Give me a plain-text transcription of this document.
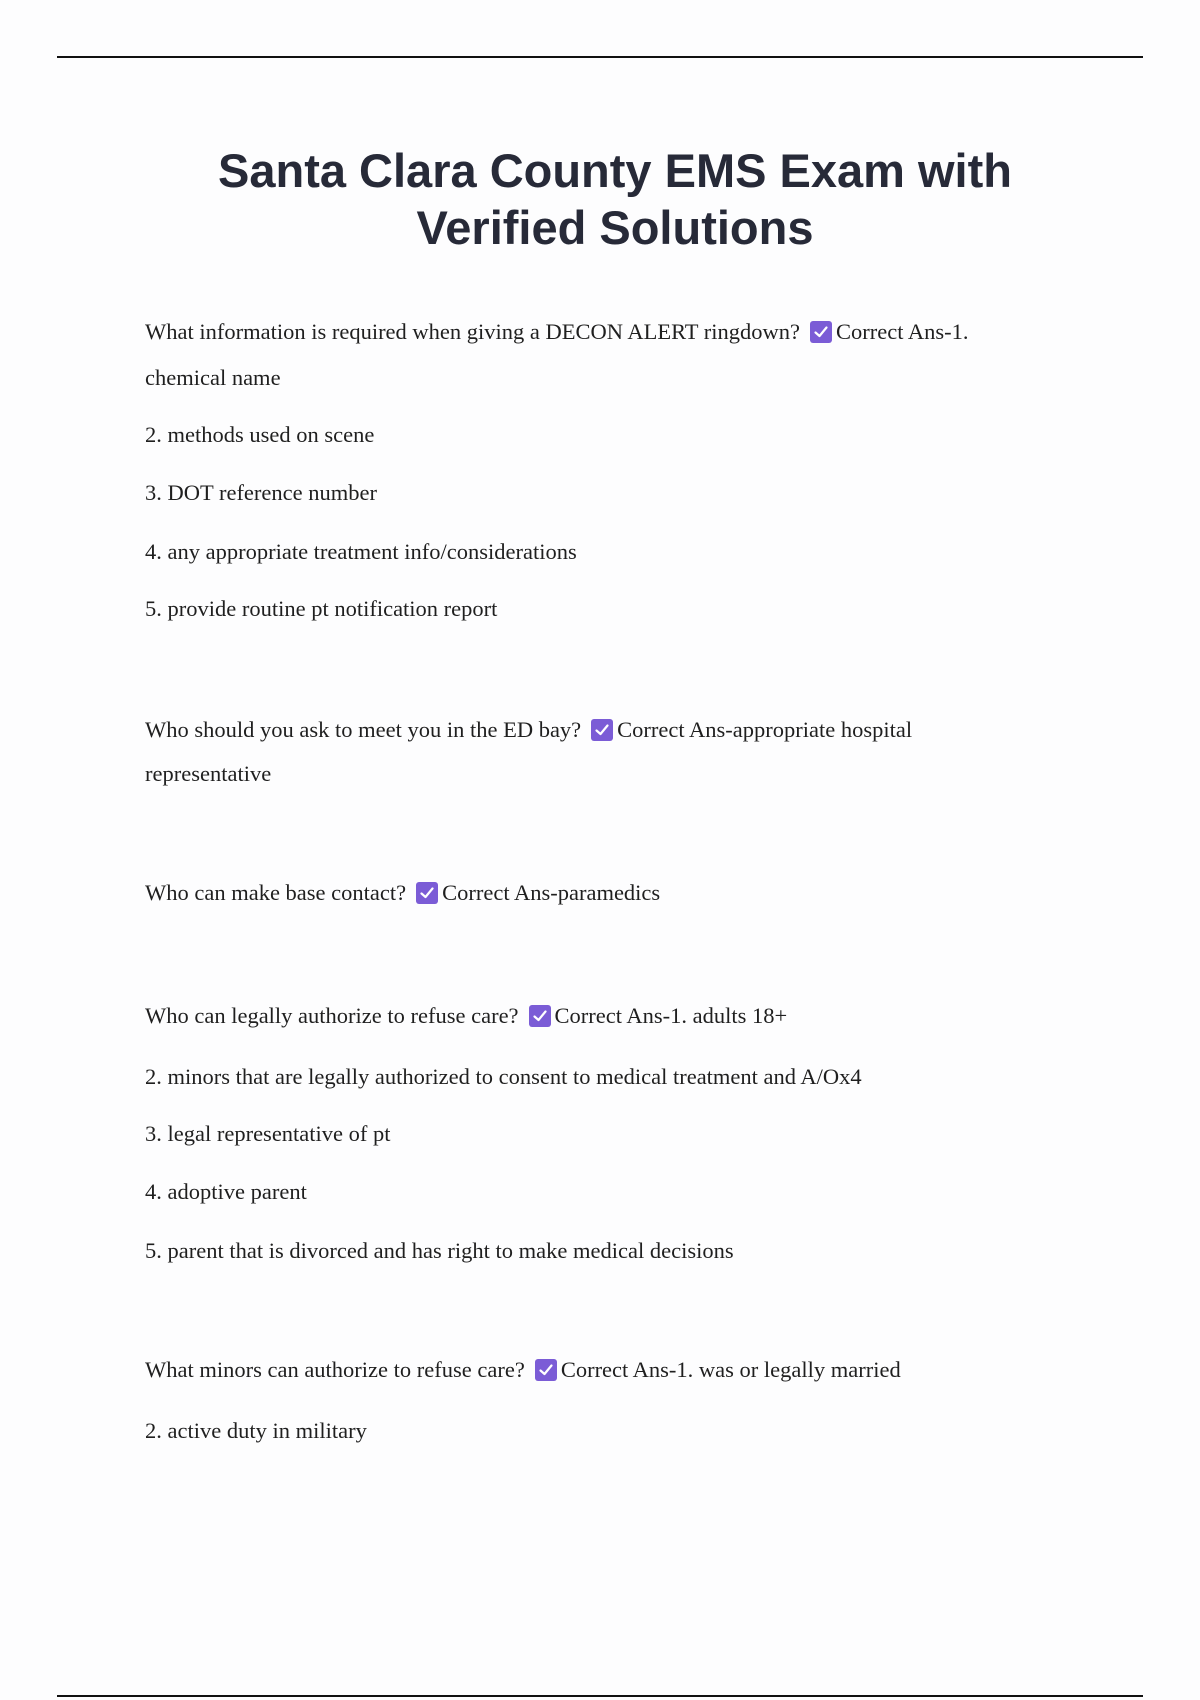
Santa Clara County EMS Exam with
Verified Solutions
What information is required when giving a DECON ALERT ringdown? Correct Ans-1.
chemical name
2. methods used on scene
3. DOT reference number
4. any appropriate treatment info/considerations
5. provide routine pt notification report
Who should you ask to meet you in the ED bay? Correct Ans-appropriate hospital
representative
Who can make base contact? Correct Ans-paramedics
Who can legally authorize to refuse care? Correct Ans-1. adults 18+
2. minors that are legally authorized to consent to medical treatment and A/Ox4
3. legal representative of pt
4. adoptive parent
5. parent that is divorced and has right to make medical decisions
What minors can authorize to refuse care? Correct Ans-1. was or legally married
2. active duty in military
